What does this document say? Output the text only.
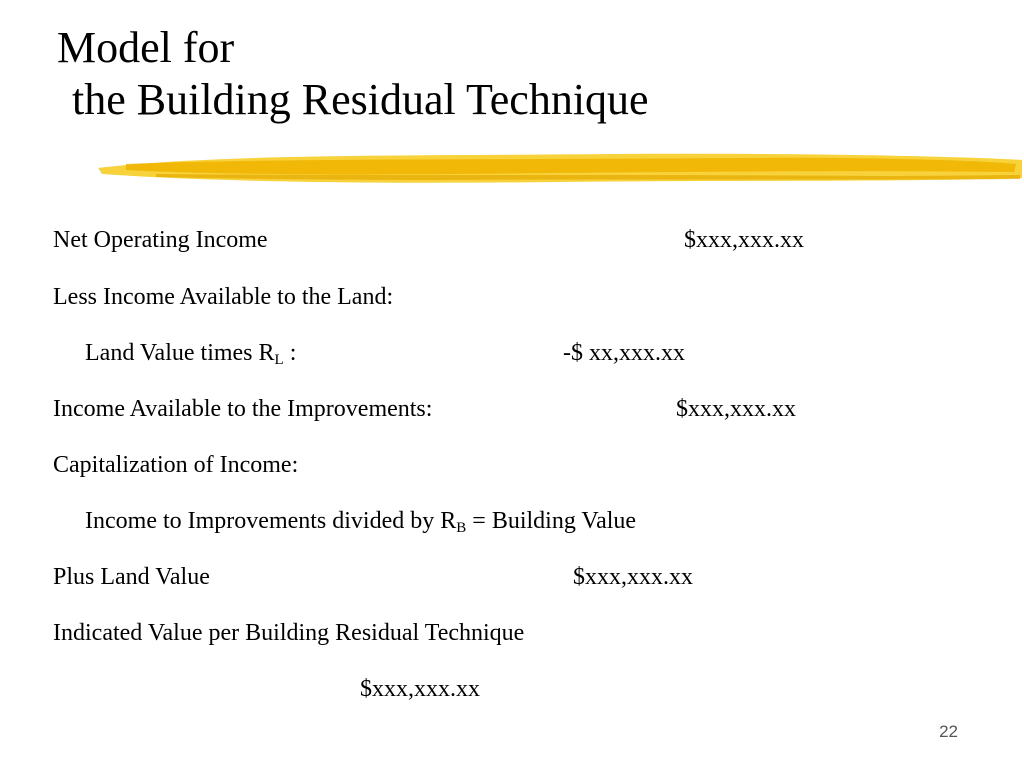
Model for
the Building Residual Technique
Net Operating Income	$xxx,xxx.xx
Less Income Available to the Land:
Land Value times $R_L$ :	-$ xx,xxx.xx
Income Available to the Improvements:	$xxx,xxx.xx
Capitalization of Income:
Income to Improvements divided by $R_B$ = Building Value
Plus Land Value	$xxx,xxx.xx
Indicated Value per Building Residual Technique
$xxx,xxx.xx
22
